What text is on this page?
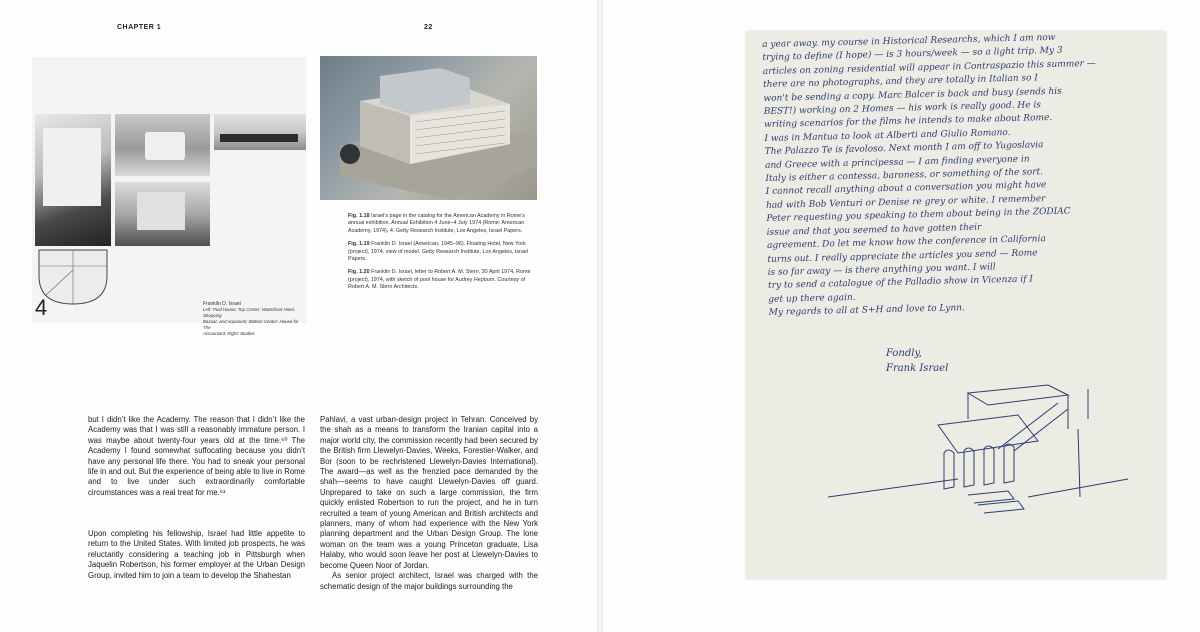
CHAPTER 1	22
Franklin D. Israel
Left: Pool House; Top Center: Waterfront Hotel, Shopping
Bazaar, and Aquarium; Bottom Center: House for The
Accountant; Right: Studies
4

Fig. 1.18 Israel’s page in the catalog for the American Academy in Rome’s annual exhibition. Annual Exhibition 4 June–4 July 1974 (Rome: American Academy, 1974), 4. Getty Research Institute, Los Angeles, Israel Papers.

Fig. 1.19 Franklin D. Israel (American, 1945–96). Floating Hotel, New York (project), 1974, view of model. Getty Research Institute, Los Angeles, Israel Papers.

Fig. 1.20 Franklin D. Israel, letter to Robert A. M. Stern, 30 April 1974, Rome (project), 1974, with sketch of pool house for Audrey Hepburn. Courtesy of Robert A. M. Stern Architects.

but I didn’t like the Academy. The reason that I didn’t like the Academy was that I was still a reasonably immature person. I was maybe about twenty-four years old at the time.⁶⁰ The Academy I found somewhat suffocating because you didn’t have any personal life there. You had to sneak your personal life in and out. But the experience of being able to live in Rome and to live under such extraordinarily comfortable circumstances was a real treat for me.⁶¹

Upon completing his fellowship, Israel had little appetite to return to the United States. With limited job prospects, he was reluctantly considering a teaching job in Pittsburgh when Jaquelin Robertson, his former employer at the Urban Design Group, invited him to join a team to develop the Shahestan

Pahlavi, a vast urban-design project in Tehran. Conceived by the shah as a means to transform the Iranian capital into a major world city, the commission recently had been secured by the British firm Llewelyn-Davies, Weeks, Forestier-Walker, and Bor (soon to be rechristened Llewelyn-Davies International). The award—as well as the frenzied pace demanded by the shah—seems to have caught Llewelyn-Davies off guard. Unprepared to take on such a large commission, the firm quickly enlisted Robertson to run the project, and he in turn recruited a team of young American and British architects and planners, many of whom had experience with the New York planning department and the Urban Design Group. The lone woman on the team was a young Princeton graduate, Lisa Halaby, who would soon leave her post at Llewelyn-Davies to become Queen Noor of Jordan.

As senior project architect, Israel was charged with the schematic design of the major buildings surrounding the

a year away. my course in Historical Researchs, which I am now
trying to define (I hope) — is 3 hours/week — so a light trip. My 3
articles on zoning residential will appear in Contraspazio this summer —
there are no photographs, and they are totally in Italian so I
won't be sending a copy. Marc Balcer is back and busy (sends his
BEST!) working on 2 Homes — his work is really good. He is
writing scenarios for the films he intends to make about Rome.
I was in Mantua to look at Alberti and Giulio Romano.
The Palazzo Te is favoloso. Next month I am off to Yugoslavia
and Greece with a principessa — I am finding everyone in
Italy is either a contessa, baroness, or something of the sort.
I cannot recall anything about a conversation you might have
had with Bob Venturi or Denise re grey or white. I remember
Peter requesting you speaking to them about being in the ZODIAC
issue and that you seemed to have gotten their
agreement. Do let me know how the conference in California
turns out. I really appreciate the articles you send — Rome
is so far away — is there anything you want. I will
try to send a catalogue of the Palladio show in Vicenza if I
get up there again.
My regards to all at S+H and love to Lynn.
Fondly,
Frank Israel
